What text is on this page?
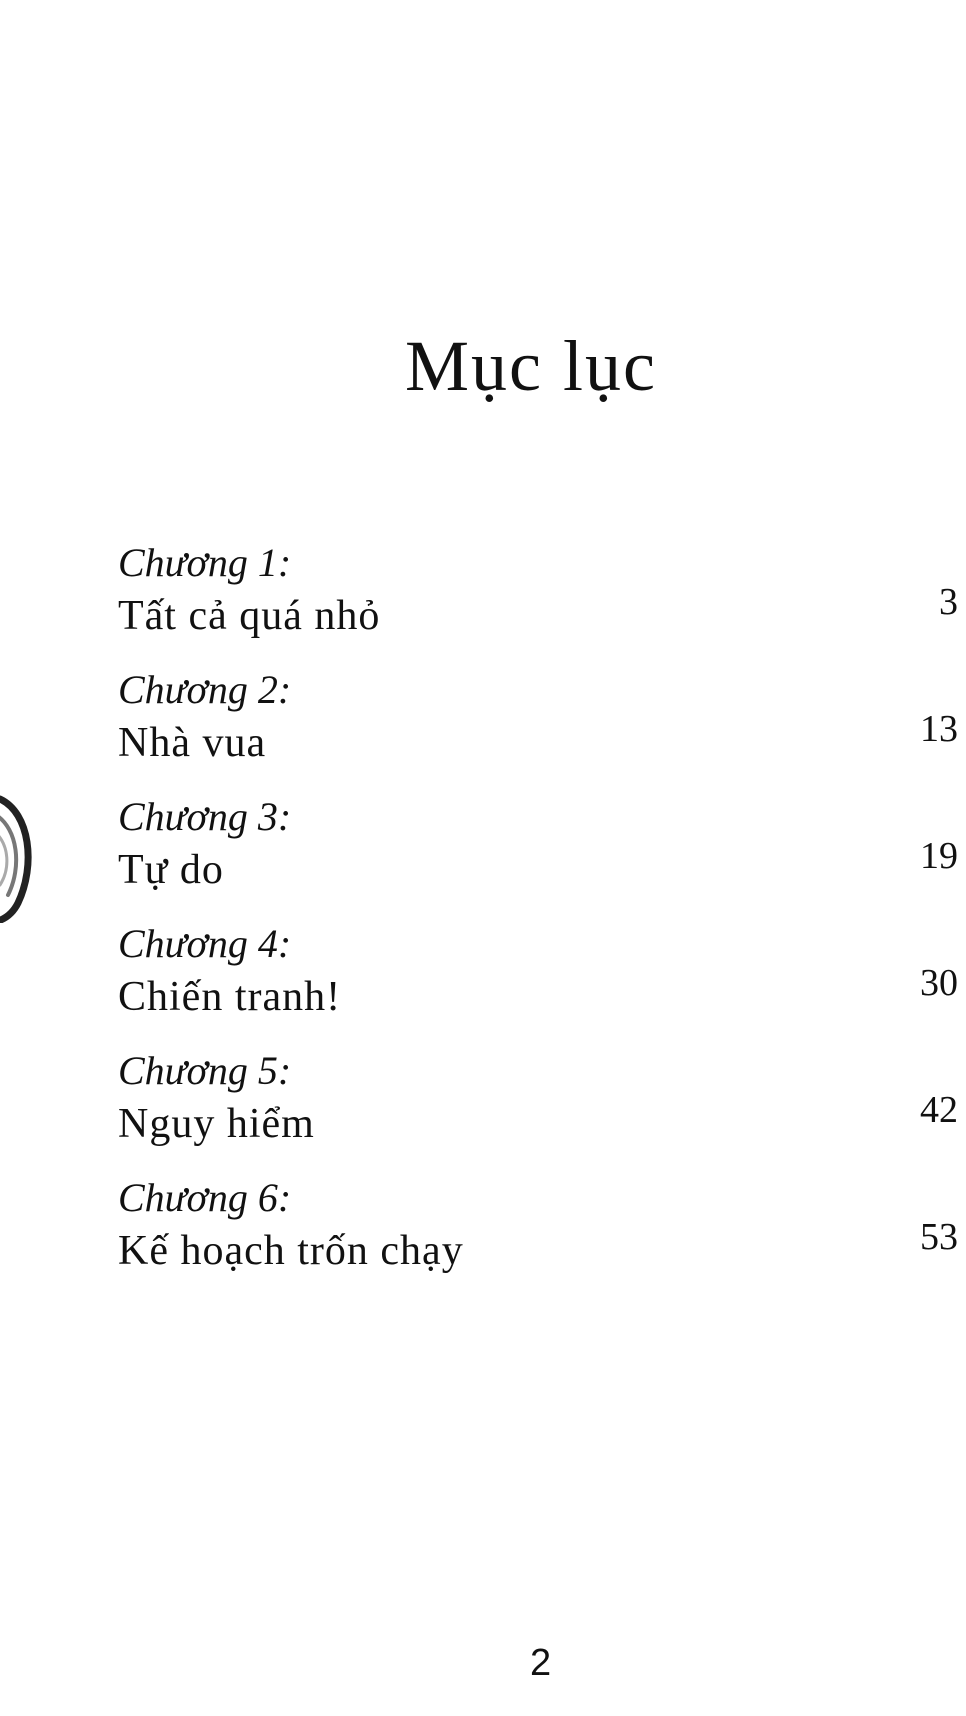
Mục lục
Chương 1:
Tất cả quá nhỏ	3
Chương 2:
Nhà vua	13
Chương 3:
Tự do	19
Chương 4:
Chiến tranh!	30
Chương 5:
Nguy hiểm	42
Chương 6:
Kế hoạch trốn chạy	53
2
